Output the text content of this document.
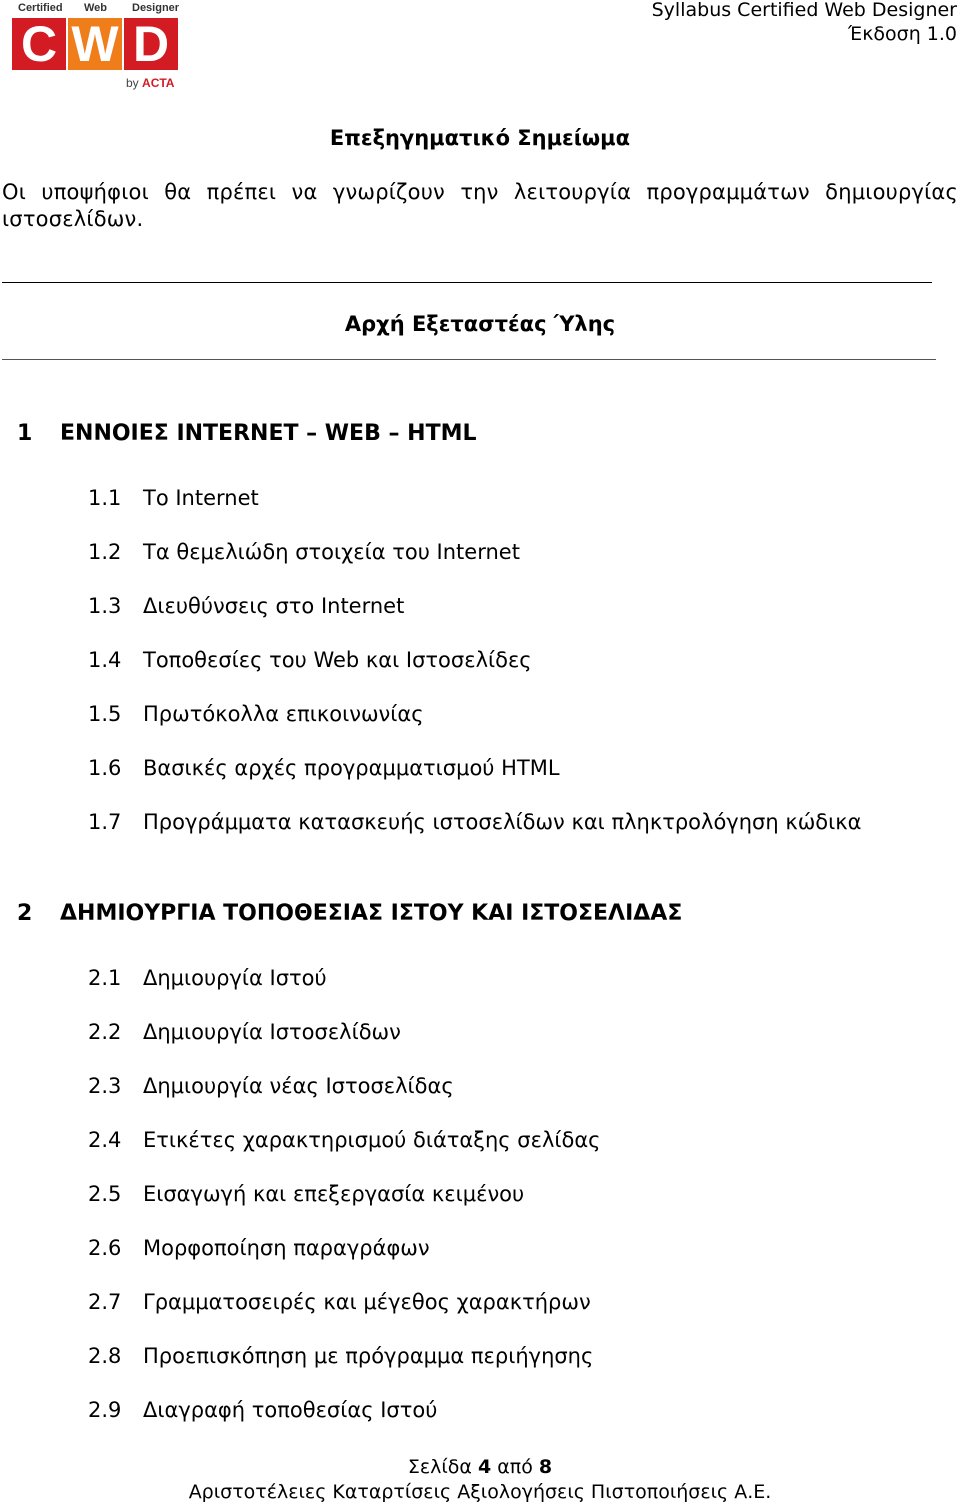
Certified Web Designer
C W D
by ACTA
Syllabus Certified Web Designer
Έκδοση 1.0
Επεξηγηματικό Σημείωμα
Οι υποψήφιοι θα πρέπει να γνωρίζουν την λειτουργία προγραμμάτων δημιουργίας ιστοσελίδων.
Αρχή Εξεταστέας Ύλης
1 ΕΝΝΟΙΕΣ INTERNET – WEB – HTML
1.1 Το Internet
1.2 Τα θεμελιώδη στοιχεία του Internet
1.3 Διευθύνσεις στο Internet
1.4 Τοποθεσίες του Web και Ιστοσελίδες
1.5 Πρωτόκολλα επικοινωνίας
1.6 Βασικές αρχές προγραμματισμού HTML
1.7 Προγράμματα κατασκευής ιστοσελίδων και πληκτρολόγηση κώδικα
2 ΔΗΜΙΟΥΡΓΙΑ ΤΟΠΟΘΕΣΙΑΣ ΙΣΤΟΥ ΚΑΙ ΙΣΤΟΣΕΛΙΔΑΣ
2.1 Δημιουργία Ιστού
2.2 Δημιουργία Ιστοσελίδων
2.3 Δημιουργία νέας Ιστοσελίδας
2.4 Ετικέτες χαρακτηρισμού διάταξης σελίδας
2.5 Εισαγωγή και επεξεργασία κειμένου
2.6 Μορφοποίηση παραγράφων
2.7 Γραμματοσειρές και μέγεθος χαρακτήρων
2.8 Προεπισκόπηση με πρόγραμμα περιήγησης
2.9 Διαγραφή τοποθεσίας Ιστού
Σελίδα 4 από 8
Αριστοτέλειες Καταρτίσεις Αξιολογήσεις Πιστοποιήσεις Α.Ε.
